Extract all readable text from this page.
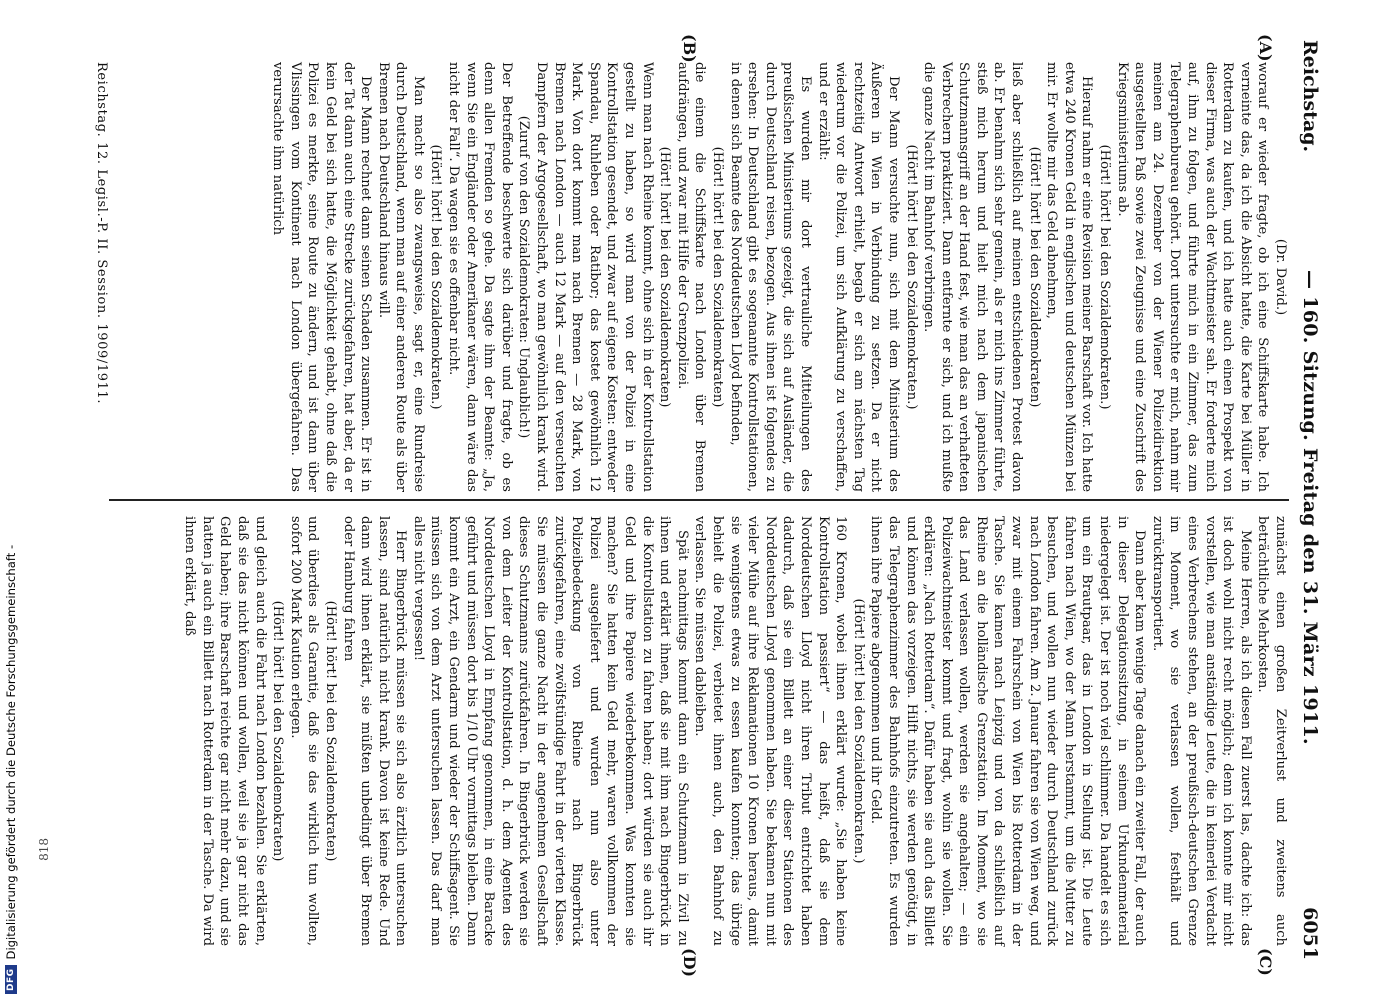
Reichstag.
— 160. Sitzung. Freitag den 31. März 1911.
6051
(A)
(B)
(C)
(D)

(Dr. David.)

worauf er wieder fragte, ob ich eine Schiffskarte habe. Ich verneinte das, da ich die Absicht hatte, die Karte bei Müller in Rotterdam zu kaufen, und ich hatte auch einen Prospekt von dieser Firma, was auch der Wachtmeister sah. Er forderte mich auf, ihm zu folgen, und führte mich in ein Zimmer, das zum Telegraphenbureau gehört. Dort untersuchte er mich, nahm mir meinen am 24. Dezember von der Wiener Polizeidirektion ausgestellten Paß sowie zwei Zeugnisse und eine Zuschrift des Kriegsministeriums ab.

(Hört! hört! bei den Sozialdemokraten.)

Hierauf nahm er eine Revision meiner Barschaft vor. Ich hatte etwa 240 Kronen Geld in englischen und deutschen Münzen bei mir. Er wollte mir das Geld abnehmen,

(Hört! hört! bei den Sozialdemokraten)

ließ aber schließlich auf meinen entschiedenen Protest davon ab. Er benahm sich sehr gemein, als er mich ins Zimmer führte, stieß mich herum und hielt mich nach dem japanischen Schutzmannsgriff an der Hand fest, wie man das an verhafteten Verbrechern praktiziert. Dann entfernte er sich, und ich mußte die ganze Nacht im Bahnhof verbringen.

(Hört! hört! bei den Sozialdemokraten.)

Der Mann versuchte nun, sich mit dem Ministerium des Äußeren in Wien in Verbindung zu setzen. Da er nicht rechtzeitig Antwort erhielt, begab er sich am nächsten Tag wiederum vor die Polizei, um sich Aufklärung zu verschaffen, und er erzählt:

Es wurden mir dort vertrauliche Mitteilungen des preußischen Ministeriums gezeigt, die sich auf Ausländer, die durch Deutschland reisen, bezogen. Aus ihnen ist folgendes zu ersehen: In Deutschland gibt es sogenannte Kontrollstationen, in denen sich Beamte des Norddeutschen Lloyd befinden,

(Hört! hört! bei den Sozialdemokraten)

die einem die Schiffskarte nach London über Bremen aufdrängen, und zwar mit Hilfe der Grenzpolizei.

(Hört! hört! bei den Sozialdemokraten)

Wenn man nach Rheine kommt, ohne sich in der Kontrollstation gestellt zu haben, so wird man von der Polizei in eine Kontrollstation gesendet, und zwar auf eigene Kosten: entweder Spandau, Ruhleben oder Ratibor; das kostet gewöhnlich 12 Mark. Von dort kommt man nach Bremen — 28 Mark, von Bremen nach London — auch 12 Mark — auf den verseuchten Dampfern der Argogesellschaft, wo man gewöhnlich krank wird.

(Zuruf von den Sozialdemokraten: Unglaublich!)

Der Betreffende beschwerte sich darüber und fragte, ob es denn allen Fremden so gehe. Da sagte ihm der Beamte: „Ja, wenn Sie ein Engländer oder Amerikaner wären, dann wäre das nicht der Fall“. Da wagen sie es offenbar nicht.

(Hört! hört! bei den Sozialdemokraten.)

Man macht so also zwangsweise, sagt er, eine Rundreise durch Deutschland, wenn man auf einer anderen Route als über Bremen nach Deutschland hinaus will.

Der Mann rechnet dann seinen Schaden zusammen. Er ist in der Tat dann auch eine Strecke zurückgefahren, hat aber, da er kein Geld bei sich hatte, die Möglichkeit gehabt, ohne daß die Polizei es merkte, seine Route zu ändern, und ist dann über Vlissingen vom Kontinent nach London übergefahren. Das verursachte ihm natürlich

zunächst einen großen Zeitverlust und zweitens auch beträchtliche Mehrkosten.

Meine Herren, als ich diesen Fall zuerst las, dachte ich: das ist doch wohl nicht recht möglich; denn ich konnte mir nicht vorstellen, wie man anständige Leute, die in keinerlei Verdacht eines Verbrechens stehen, an der preußisch-deutschen Grenze im Moment, wo sie verlassen wollen, festhält und zurücktransportiert.

Dann aber kam wenige Tage danach ein zweiter Fall, der auch in dieser Delegationssitzung, in seinem Urkundenmaterial niedergelegt ist. Der ist noch viel schlimmer. Da handelt es sich um ein Brautpaar, das in London in Stellung ist. Die Leute fahren nach Wien, wo der Mann herstammt, um die Mutter zu besuchen, und wollen nun wieder durch Deutschland zurück nach London fahren. Am 2. Januar fahren sie von Wien weg, und zwar mit einem Fahrschein von Wien bis Rotterdam in der Tasche. Sie kamen nach Leipzig und von da schließlich auf Rheine an die holländische Grenzstation. Im Moment, wo sie das Land verlassen wollen, werden sie angehalten; — ein Polizeiwachtmeister kommt und fragt, wohin sie wollen. Sie erklären: „Nach Rotterdam“. Dafür haben sie auch das Billett und können das vorzeigen. Hilft nichts, sie werden genötigt, in das Telegraphenzimmer des Bahnhofs einzutreten. Es wurden ihnen ihre Papiere abgenommen und ihr Geld.

(Hört! hört! bei den Sozialdemokraten.)

160 Kronen, wobei ihnen erklärt wurde: „Sie haben keine Kontrollstation passiert“ — das heißt, daß sie dem Norddeutschen Lloyd nicht ihren Tribut entrichtet haben dadurch, daß sie ein Billett an einer dieser Stationen des Norddeutschen Lloyd genommen haben. Sie bekamen nun mit vieler Mühe auf ihre Reklamationen 10 Kronen heraus, damit sie wenigstens etwas zu essen kaufen konnten; das übrige behielt die Polizei, verbietet ihnen auch, den Bahnhof zu verlassen. Sie müssen dableiben.

Spät nachmittags kommt dann ein Schutzmann in Zivil zu ihnen und erklärt ihnen, daß sie mit ihm nach Bingerbrück in die Kontrollstation zu fahren haben; dort würden sie auch ihr Geld und ihre Papiere wiederbekommen. Was konnten sie machen? Sie hatten kein Geld mehr, waren vollkommen der Polizei ausgeliefert und wurden nun also unter Polizeibedeckung von Rheine nach Bingerbrück zurückgefahren, eine zwölfstündige Fahrt in der vierten Klasse. Sie müssen die ganze Nacht in der angenehmen Gesellschaft dieses Schutzmanns zurückfahren. In Bingerbrück werden sie von dem Leiter der Kontrollstation, d. h. dem Agenten des Norddeutschen Lloyd in Empfang genommen, in eine Baracke geführt und müssen dort bis 1/10 Uhr vormittags bleiben. Dann kommt ein Arzt, ein Gendarm und wieder der Schiffsagent. Sie müssen sich von dem Arzt untersuchen lassen. Das darf man alles nicht vergessen!

Herr Bingerbrück müssen sie sich also ärztlich untersuchen lassen, sind natürlich nicht krank. Davon ist keine Rede. Und dann wird ihnen erklärt, sie müßten unbedingt über Bremen oder Hamburg fahren

(Hört! hört! bei den Sozialdemokraten)

und überdies als Garantie, daß sie das wirklich tun wollten, sofort 200 Mark Kaution erlegen.

(Hört! hört! bei den Sozialdemokraten)

und gleich auch die Fahrt nach London bezahlen. Sie erklärten, daß sie das nicht können und wollen, weil sie ja gar nicht das Geld haben; ihre Barschaft reichte gar nicht mehr dazu, und sie hatten ja auch ein Billett nach Rotterdam in der Tasche. Da wird ihnen erklärt, daß

Reichstag. 12. Legisl.-P. II. Session. 1909/1911.
818
DFG
Digitalisierung gefördert durch die Deutsche Forschungsgemeinschaft -
